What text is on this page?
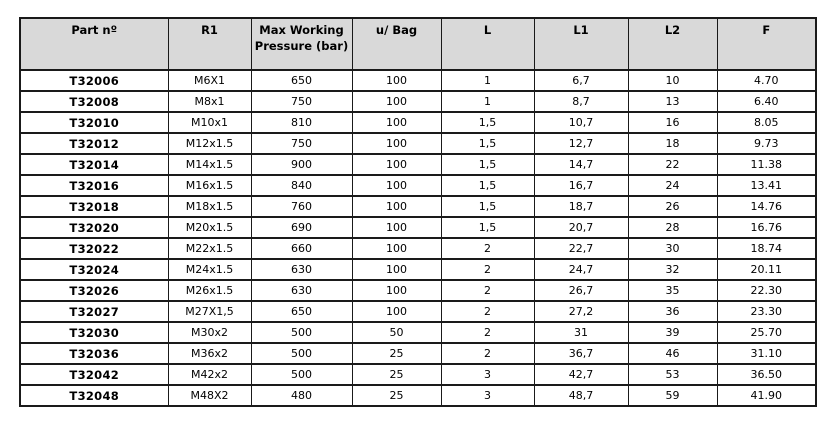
Part nº	R1	Max Working Pressure (bar)	u/ Bag	L	L1	L2	F
T32006	M6X1	650	100	1	6,7	10	4.70
T32008	M8x1	750	100	1	8,7	13	6.40
T32010	M10x1	810	100	1,5	10,7	16	8.05
T32012	M12x1.5	750	100	1,5	12,7	18	9.73
T32014	M14x1.5	900	100	1,5	14,7	22	11.38
T32016	M16x1.5	840	100	1,5	16,7	24	13.41
T32018	M18x1.5	760	100	1,5	18,7	26	14.76
T32020	M20x1.5	690	100	1,5	20,7	28	16.76
T32022	M22x1.5	660	100	2	22,7	30	18.74
T32024	M24x1.5	630	100	2	24,7	32	20.11
T32026	M26x1.5	630	100	2	26,7	35	22.30
T32027	M27X1,5	650	100	2	27,2	36	23.30
T32030	M30x2	500	50	2	31	39	25.70
T32036	M36x2	500	25	2	36,7	46	31.10
T32042	M42x2	500	25	3	42,7	53	36.50
T32048	M48X2	480	25	3	48,7	59	41.90
